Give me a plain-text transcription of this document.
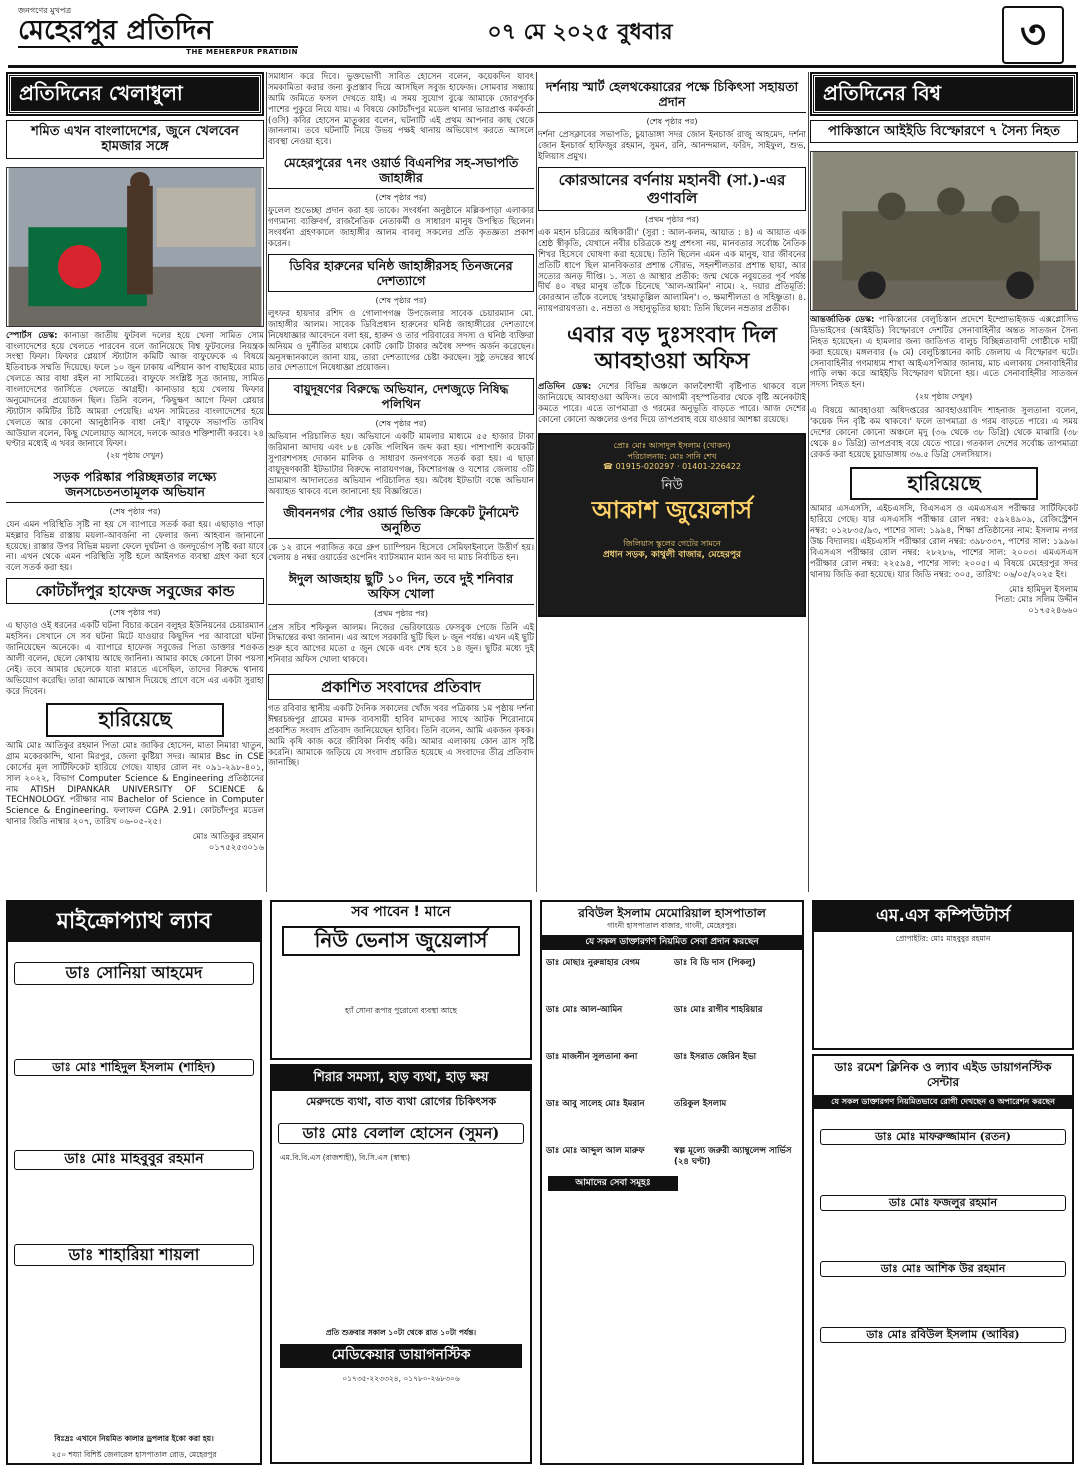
জনগণের মুখপত্র
মেহেরপুর প্রতিদিন
THE MEHERPUR PRATIDIN
০৭ মে ২০২৫ বুধবার	৩
প্রতিদিনের খেলাধুলা
শমিত এখন বাংলাদেশের, জুনে খেলবেন হামজার সঙ্গে

স্পোর্টস ডেস্ক: কানাডা জাতীয় ফুটবল দলের হয়ে খেলা সামিত সোম বাংলাদেশের হয়ে খেলতে পারবেন বলে জানিয়েছে বিশ্ব ফুটবলের নিয়ন্ত্রক সংস্থা ফিফা। ফিফার প্লেয়ার্স স্ট্যাটাস কমিটি আজ বাফুফেকে এ বিষয়ে ইতিবাচক সম্মতি দিয়েছে। ফলে ১০ জুন ঢাকায় এশিয়ান কাপ বাছাইয়ের ম্যাচ খেলতে আর বাধা রইল না সামিতের। বাফুফে সংশ্লিষ্ট সূত্র জানায়, সামিত বাংলাদেশের জার্সিতে খেলতে আগ্রহী। কানাডার হয়ে খেলায় ফিফার অনুমোদনের প্রয়োজন ছিল। তিনি বলেন, 'কিছুক্ষণ আগে ফিফা প্লেয়ার স্ট্যাটাস কমিটির চিঠি আমরা পেয়েছি। এখন সামিতের বাংলাদেশের হয়ে খেলতে আর কোনো আনুষ্ঠানিক বাধা নেই।' বাফুফে সভাপতি তাবিথ আউয়াল বলেন, কিছু খেলোয়াড় আসবে, দলকে আরও শক্তিশালী করবে। ২৪ ঘণ্টার মধ্যেই এ খবর জানাবে ফিফা।

(২য় পৃষ্ঠায় দেখুন)
সড়ক পরিষ্কার পরিচ্ছন্নতার লক্ষ্যে জনসচেতনতামূলক অভিযান
(শেষ পৃষ্ঠার পর)

যেন এমন পরিস্থিতি সৃষ্টি না হয় সে ব্যাপারে সতর্ক করা হয়। এছাড়াও পাড়া মহল্লার বিভিন্ন রাস্তায় ময়লা-আবর্জনা না ফেলার জন্য আহবান জানানো হয়েছে। রাস্তার উপর বিভিন্ন ময়লা ফেলে দুর্ঘটনা ও জনদুর্ভোগ সৃষ্টি করা যাবে না। এখন থেকে এমন পরিস্থিতি সৃষ্টি হলে আইনগত ব্যবস্থা গ্রহণ করা হবে বলে সতর্ক করা হয়।

কোটচাঁদপুর হাফেজ সবুজের কান্ড
(শেষ পৃষ্ঠার পর)

এ ছাড়াও ওই ধরনের একটি ঘটনা বিচার করেন বলুহর ইউনিয়নের চেয়ারম্যান মহসিন। সেখানে সে সব ঘটনা মিটে যাওয়ার কিছুদিন পর আবারো ঘটনা জানিয়েছেন অনেকে। এ ব্যাপারে হাফেজ সবুজের পিতা ডাক্তার শওকত আলী বলেন, ছেলে কোথায় আছে জানিনা। আমার কাছে কোনো টাকা পয়সা নেই। তবে আমার ছেলেকে যারা মারতে এসেছিল, তাদের বিরুদ্ধে থানায় অভিযোগ করেছি। তারা আমাকে আশ্বাস দিয়েছে প্রাণে বসে এর একটা সুরাহা করে দিবেন।

হারিয়েছে

আমি মোঃ আতিকুর রহমান পিতা মোঃ জাকির হোসেন, মাতা নিমারা খাতুন, গ্রাম মকেরকান্দি, থানা মিরপুর, জেলা কুষ্টিয়া সদর। আমার Bsc in CSE কোর্সের মূল সার্টিফিকেট হারিয়ে গেছে। যাহার রোল নং ০৯১-২৯৮-৪০১, সাল ২০২২, বিভাগ Computer Science & Engineering প্রতিষ্ঠানের নাম ATISH DIPANKAR UNIVERSITY OF SCIENCE & TECHNOLOGY. পরীক্ষার নাম Bachelor of Science in Computer Science & Engineering. ফলাফল CGPA 2.91। কোটচাঁদপুর মডেল থানার জিডি নাম্বার ২০৭, তারিখ ০৬-০৫-২৫।

মোঃ আতিকুর রহমান
০১৭৫২৫৩০১৬

সমাধান করে দিবে। ভুক্তভোগী সাবিত হোসেন বলেন, কয়েকদিন যাবৎ সমকামিতা করার জন্য কুপ্রস্তাব দিয়ে আসছিল সবুজ হাফেজ। সোমবার সন্ধ্যায় আমি জমিতে ফসল দেখতে যাই। এ সময় সুযোগ বুঝে আমাকে জোরপূর্বক পাশের পুকুরে নিয়ে যায়। এ বিষয়ে কোটচাঁদপুর মডেল থানার ভারপ্রাপ্ত কর্মকর্তা (ওসি) কবির হোসেন মাতুব্বর বলেন, ঘটনাটি এই প্রথম আপনার কাছ থেকে জানলাম। তবে ঘটনাটি নিয়ে উভয় পক্ষই থানায় অভিযোগ করতে আসলে ব্যবস্থা নেওয়া হবে।

মেহেরপুরের ৭নং ওয়ার্ড বিএনপির সহ-সভাপতি জাহাঙ্গীর
(শেষ পৃষ্ঠার পর)

ফুলেল শুভেচ্ছা প্রদান করা হয় তাকে। সংবর্ধনা অনুষ্ঠানে মল্লিকপাড়া এলাকার গণ্যমান্য ব্যক্তিবর্গ, রাজনৈতিক নেতাকর্মী ও সাধারণ মানুষ উপস্থিত ছিলেন। সংবর্ধনা গ্রহণকালে জাহাঙ্গীর আলম বাবলু সকলের প্রতি কৃতজ্ঞতা প্রকাশ করেন।

ডিবির হারুনের ঘনিষ্ঠ জাহাঙ্গীরসহ তিনজনের দেশত্যাগে
(শেষ পৃষ্ঠার পর)

লুৎফর হায়দার রশিদ ও গোলাপগঞ্জ উপজেলার সাবেক চেয়ারম্যান মো. জাহাঙ্গীর আলম। সাবেক ডিবিপ্রধান হারুনের ঘনিষ্ঠ জাহাঙ্গীরের দেশত্যাগে নিষেধাজ্ঞার আবেদনে বলা হয়, হারুন ও তার পরিবারের সদস্য ও ঘনিষ্ঠ ব্যক্তিরা অনিয়ম ও দুর্নীতির মাধ্যমে কোটি কোটি টাকার অবৈধ সম্পদ অর্জন করেছেন। অনুসন্ধানকালে জানা যায়, তারা দেশত্যাগের চেষ্টা করছেন। সুষ্ঠু তদন্তের স্বার্থে তার দেশত্যাগে নিষেধাজ্ঞা প্রয়োজন।

বায়ুদূষণের বিরুদ্ধে অভিযান, দেশজুড়ে নিষিদ্ধ পলিথিন
(শেষ পৃষ্ঠার পর)

অভিযান পরিচালিত হয়। অভিযানে একটি মামলার মাধ্যমে ৫৫ হাজার টাকা জরিমানা আদায় এবং ৮৪ কেজি পলিথিন জব্দ করা হয়। পাশাপাশি কয়েকটি সুপারশপসহ দোকান মালিক ও সাধারণ জনগণকে সতর্ক করা হয়। এ ছাড়া বায়ুদূষণকারী ইটভাটার বিরুদ্ধে নারায়ণগঞ্জ, কিশোরগঞ্জ ও যশোর জেলায় ৩টি ভ্রাম্যমাণ আদালতের অভিযান পরিচালিত হয়। অবৈধ ইটভাটা বন্ধে অভিযান অব্যাহত থাকবে বলে জানানো হয় বিজ্ঞপ্তিতে।

জীবননগর পৌর ওয়ার্ড ভিত্তিক ক্রিকেট টুর্নামেন্ট অনুষ্ঠিত

কে ১২ রানে পরাজিত করে গ্রুপ চ্যাম্পিয়ন হিসেবে সেমিফাইনালে উত্তীর্ণ হয়। খেলায় ৪ নম্বর ওয়ার্ডের ওপেনিং ব্যাটসম্যান ম্যান অব দ্য ম্যাচ নির্বাচিত হন।

ঈদুল আজহায় ছুটি ১০ দিন, তবে দুই শনিবার অফিস খোলা
(প্রথম পৃষ্ঠার পর)

প্রেস সচিব শফিকুল আলম। নিজের ভেরিফায়েড ফেসবুক পেজে তিনি এই সিদ্ধান্তের কথা জানান। এর আগে সরকারি ছুটি ছিল ৮ জুন পর্যন্ত। এখন এই ছুটি শুরু হবে আগের মতো ৫ জুন থেকে এবং শেষ হবে ১৪ জুন। ছুটির মধ্যে দুই শনিবার অফিস খোলা থাকবে।

প্রকাশিত সংবাদের প্রতিবাদ

গত রবিবার স্থানীয় একটি দৈনিক সকালের খোঁজ খবর পত্রিকায় ১ম পৃষ্ঠায় দর্শনা ঈশ্বরচন্দ্রপুর গ্রামের মাদক ব্যবসায়ী হাবিব মাদকের সাথে আটক শিরোনামে প্রকাশিত সংবাদ প্রতিবাদ জানিয়েছেন হাবিব। তিনি বলেন, আমি একজন কৃষক। আমি কৃষি কাজ করে জীবিকা নির্বাহ করি। আমার এলাকায় কোন ত্রাস সৃষ্টি করেনি। আমাকে জড়িয়ে যে সংবাদ প্রচারিত হয়েছে এ সংবাদের তীব্র প্রতিবাদ জানাচ্ছি।

দর্শনায় স্মার্ট হেলথকেয়ারের পক্ষে চিকিৎসা সহায়তা প্রদান
(শেষ পৃষ্ঠার পর)

দর্শনা প্রেসক্লাবের সভাপতি, চুয়াডাঙ্গা সদর জোন ইনচার্জ রাজু আহমেদ, দর্শনা জোন ইনচার্জ হাফিজুর রহমান, সুমন, রনি, আনন্দমাল, ফরিদ, সাইফুল, শুভ, ইলিয়াস প্রমুখ।

কোরআনের বর্ণনায় মহানবী (সা.)-এর গুণাবলি
(প্রথম পৃষ্ঠার পর)

এক মহান চরিত্রের অধিকারী।' (সুরা : আল-কলম, আয়াত : ৪) এ আয়াত এক শ্রেষ্ঠ স্বীকৃতি, যেখানে নবীর চরিত্রকে শুধু প্রশংসা নয়, মানবতার সর্বোচ্চ নৈতিক শিখর হিসেবে ঘোষণা করা হয়েছে। তিনি ছিলেন এমন এক মানুষ, যার জীবনের প্রতিটি ধাপে ছিল মানবিকতার প্রশান্ত সৌরভ, সহনশীলতার প্রশান্ত ছায়া, আর সত্যের অনড় দীপ্তি। ১. সত্য ও আস্থার প্রতীক: জন্ম থেকে নবুয়তের পূর্ব পর্যন্ত দীর্ঘ ৪০ বছর মানুষ তাঁকে চিনেছে 'আল-আমিন' নামে। ২. দয়ার প্রতিমূর্তি: কোরআন তাঁকে বলেছে 'রহমাতুল্লিল আলামিন'। ৩. ক্ষমাশীলতা ও সহিষ্ণুতা। ৪. ন্যায়পরায়ণতা। ৫. নম্রতা ও সহানুভূতির ছায়া: তিনি ছিলেন নম্রতার প্রতীক।

এবার বড় দুঃসংবাদ দিল আবহাওয়া অফিস

প্রতিদিন ডেস্ক: দেশের বিভিন্ন অঞ্চলে কালবৈশাখী বৃষ্টিপাত থাকবে বলে জানিয়েছে আবহাওয়া অফিস। তবে আগামী বৃহস্পতিবার থেকে বৃষ্টি অনেকটাই কমতে পারে। এতে তাপমাত্রা ও গরমের অনুভূতি বাড়তে পারে। আজ দেশের কোনো কোনো অঞ্চলের ওপর দিয়ে তাপপ্রবাহ বয়ে যাওয়ার আশঙ্কা রয়েছে।

প্রোঃ মোঃ আসাদুল ইসলাম (খোকন)
পরিচালনায়: মোঃ সানি শেখ
☎ 01915-020297 · 01401-226422
নিউ
আকাশ জুয়েলার্স
জিলিয়াস স্কুলের গেটের সামনে
প্রধান সড়ক, কাথুলী বাজার, মেহেরপুর
প্রতিদিনের বিশ্ব
পাকিস্তানে আইইডি বিস্ফোরণে ৭ সৈন্য নিহত

আন্তর্জাতিক ডেস্ক: পাকিস্তানের বেলুচিস্তান প্রদেশে ইম্প্রোভাইজড এক্সপ্লোসিভ ডিভাইসের (আইইডি) বিস্ফোরণে দেশটির সেনাবাহিনীর অন্তত সাতজন সৈন্য নিহত হয়েছেন। এ হামলার জন্য জাতিগত বালুচ বিচ্ছিন্নতাবাদী গোষ্ঠীকে দায়ী করা হয়েছে। মঙ্গলবার (৬ মে) বেলুচিস্তানের কাচি জেলায় এ বিস্ফোরণ ঘটে। সেনাবাহিনীর গণমাধ্যম শাখা আইএসপিআর জানায়, মাচ এলাকায় সেনাবাহিনীর গাড়ি লক্ষ্য করে আইইডি বিস্ফোরণ ঘটানো হয়। এতে সেনাবাহিনীর সাতজন সদস্য নিহত হন।

(২য় পৃষ্ঠায় দেখুন)

এ বিষয়ে আবহাওয়া অধিদপ্তরের আবহাওয়াবিদ শাহনাজ সুলতানা বলেন, 'কয়েক দিন বৃষ্টি কম থাকবে।' ফলে তাপমাত্রা ও গরম বাড়তে পারে। এ সময় দেশের কোনো কোনো অঞ্চলে মৃদু (৩৬ থেকে ৩৮ ডিগ্রি) থেকে মাঝারি (৩৮ থেকে ৪০ ডিগ্রি) তাপপ্রবাহ বয়ে যেতে পারে। গতকাল দেশের সর্বোচ্চ তাপমাত্রা রেকর্ড করা হয়েছে চুয়াডাঙ্গায় ৩৬.৫ ডিগ্রি সেলসিয়াস।

হারিয়েছে

আমার এসএসসি, এইচএসসি, বিএসএস ও এমএসএস পরীক্ষার সার্টিফিকেট হারিয়ে গেছে। যার এসএসসি পরীক্ষার রোল নম্বর: ৫৯২৪৯০৯, রেজিস্ট্রেশন নম্বর: ০১২৮৩৫/৯৩, পাশের সাল: ১৯৯৪, শিক্ষা প্রতিষ্ঠানের নাম: ইসলাম নগর উচ্চ বিদ্যালয়। এইচএসসি পরীক্ষার রোল নম্বর: ৩৯৮৩৩৭, পাশের সাল: ১৯৯৬। বিএসএস পরীক্ষার রোল নম্বর: ২৮২৮৬, পাশের সাল: ২০০৩। এমএসএস পরীক্ষার রোল নম্বর: ২২৫৯৪, পাশের সাল: ২০০৫। এ বিষয়ে মেহেরপুর সদর থানায় জিডি করা হয়েছে। যার জিডি নম্বর: ৩০৫, তারিখ: ০৬/০৫/২০২৫ ইং।

মোঃ হামিদুল ইসলাম
পিতা: মোঃ সলিম উদ্দীন
০১৭৫২৪৬৬০
মাইক্রোপ্যাথ ল্যাব
ডাঃ সোনিয়া আহমেদ
ডাঃ মোঃ শাহিদুল ইসলাম (শাহিদ)
ডাঃ মোঃ মাহবুবুর রহমান
ডাঃ শাহারিয়া শায়লা
বিঃদ্রঃ এখানে নিয়মিত কালার ড্রপলার ইকো করা হয়।
২৫০ শয্যা বিশিষ্ট জেনারেল হাসপাতাল রোড, মেহেরপুর
সব পাবেন ! মানে
নিউ ভেনাস জুয়েলার্স
হ্যাঁ সোনা রূপার পুরোনো ব্যবস্থা আছে
শিরার সমস্যা, হাড় ব্যথা, হাড় ক্ষয়
মেরুদন্ডে ব্যথা, বাত ব্যথা রোগের চিকিৎসক
ডাঃ মোঃ বেলাল হোসেন (সুমন)
এম.বি.বি.এস (রাজশাহী), বি.সি.এস (স্বাস্থ্য)
প্রতি শুক্রবার সকাল ১০টা থেকে রাত ১০টা পর্যন্ত।
মেডিকেয়ার ডায়াগনস্টিক
০১৭৩৫-২২৩৩২৪, ০১৭৮০-২৬৮৩০৬
রবিউল ইসলাম মেমোরিয়াল হাসপাতাল
গাংনী হাসপাতাল বাজার, গাংনী, মেহেরপুর।
যে সকল ডাক্তারগণ নিয়মিত সেবা প্রদান করছেন
ডাঃ মোছাঃ নুরুন্নাহার বেগম	ডাঃ বি ডি দাস (পিকলু)
ডাঃ মোঃ আল-আমিন	ডাঃ মোঃ রাগীব শাহরিয়ার
ডাঃ মাজনীন সুলতানা কনা	ডাঃ ইসরাত জেরিন ইভা
ডাঃ আবু সালেহ মোঃ ইমরান	তরিকুল ইসলাম
ডাঃ মোঃ আব্দুল আল মারুফ	স্বল্প মূল্যে জরুরী অ্যাম্বুলেন্স সার্ভিস (২৪ ঘণ্টা)
আমাদের সেবা সমূহঃ
এম.এস কম্পিউটার্স
প্রোপাইটর: মোঃ মাহবুবুর রহমান
ডাঃ রমেশ ক্লিনিক ও ল্যাব এইড ডায়াগনস্টিক সেন্টার
যে সকল ডাক্তারগণ নিয়মিতভাবে রোগী দেখছেন ও অপারেশন করছেন
ডাঃ মোঃ মাফরুজ্জামান (রতন)
ডাঃ মোঃ ফজলুর রহমান
ডাঃ মোঃ আশিক উর রহমান
ডাঃ মোঃ রবিউল ইসলাম (আবির)
